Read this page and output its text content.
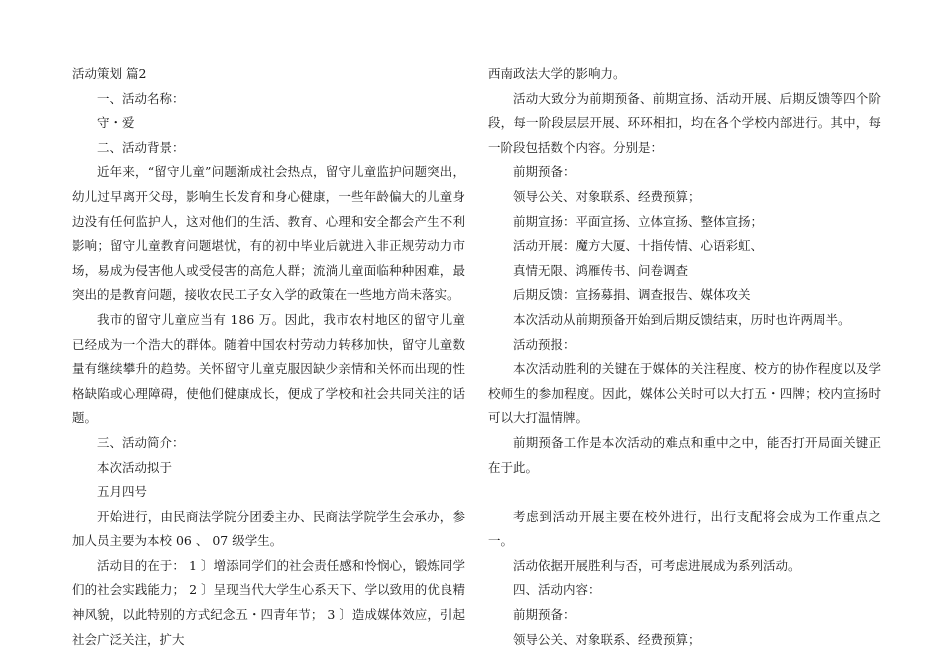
活动策划 篇2

一、活动名称：

守・爱

二、活动背景：

近年来，“留守儿童”问题渐成社会热点，留守儿童监护问题突出，幼儿过早离开父母，影响生长发育和身心健康，一些年龄偏大的儿童身边没有任何监护人，这对他们的生活、教育、心理和安全都会产生不利影响；留守儿童教育问题堪忧，有的初中毕业后就进入非正规劳动力市场，易成为侵害他人或受侵害的高危人群；流淌儿童面临种种困难，最突出的是教育问题，接收农民工子女入学的政策在一些地方尚未落实。

我市的留守儿童应当有 186 万。因此，我市农村地区的留守儿童已经成为一个浩大的群体。随着中国农村劳动力转移加快，留守儿童数量有继续攀升的趋势。关怀留守儿童克服因缺少亲情和关怀而出现的性格缺陷或心理障碍，使他们健康成长，便成了学校和社会共同关注的话题。

三、活动简介：

本次活动拟于

五月四号

开始进行，由民商法学院分团委主办、民商法学院学生会承办，参加人员主要为本校 06 、 07 级学生。

活动目的在于： 1 〕增添同学们的社会责任感和怜悯心，锻炼同学们的社会实践能力； 2 〕呈现当代大学生心系天下、学以致用的优良精神风貌，以此特别的方式纪念五・四青年节； 3 〕造成媒体效应，引起社会广泛关注，扩大

西南政法大学的影响力。

活动大致分为前期预备、前期宣扬、活动开展、后期反馈等四个阶段，每一阶段层层开展、环环相扣，均在各个学校内部进行。其中，每一阶段包括数个内容。分别是：

前期预备：

领导公关、对象联系、经费预算；

前期宣扬：平面宣扬、立体宣扬、整体宣扬；

活动开展：魔方大厦、十指传情、心语彩虹、

真情无限、鸿雁传书、问卷调查

后期反馈：宣扬募捐、调查报告、媒体攻关

本次活动从前期预备开始到后期反馈结束，历时也许两周半。

活动预报：

本次活动胜利的关键在于媒体的关注程度、校方的协作程度以及学校师生的参加程度。因此，媒体公关时可以大打五・四牌；校内宣扬时可以大打温情牌。

前期预备工作是本次活动的难点和重中之中，能否打开局面关键正在于此。

考虑到活动开展主要在校外进行，出行支配将会成为工作重点之一。

活动依据开展胜利与否，可考虑进展成为系列活动。

四、活动内容：

前期预备：

领导公关、对象联系、经费预算；
